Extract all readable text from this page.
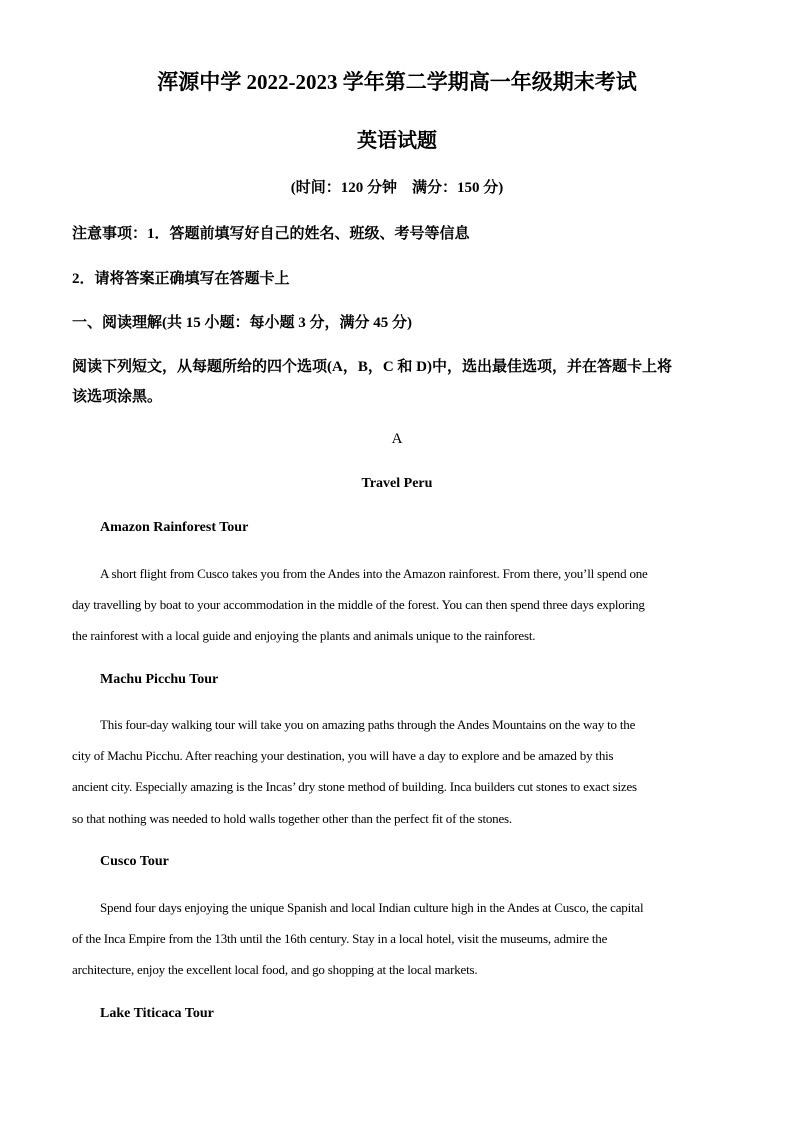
浑源中学 2022-2023 学年第二学期高一年级期末考试
英语试题
(时间：120 分钟　满分：150 分)
注意事项：1．答题前填写好自己的姓名、班级、考号等信息
2．请将答案正确填写在答题卡上
一、阅读理解(共 15 小题：每小题 3 分，满分 45 分)
阅读下列短文，从每题所给的四个选项(A，B，C 和 D)中，选出最佳选项，并在答题卡上将
该选项涂黑。
A
Travel Peru
Amazon Rainforest Tour
A short flight from Cusco takes you from the Andes into the Amazon rainforest. From there, you’ll spend one
day travelling by boat to your accommodation in the middle of the forest. You can then spend three days exploring
the rainforest with a local guide and enjoying the plants and animals unique to the rainforest.
Machu Picchu Tour
This four-day walking tour will take you on amazing paths through the Andes Mountains on the way to the
city of Machu Picchu. After reaching your destination, you will have a day to explore and be amazed by this
ancient city. Especially amazing is the Incas’ dry stone method of building. Inca builders cut stones to exact sizes
so that nothing was needed to hold walls together other than the perfect fit of the stones.
Cusco Tour
Spend four days enjoying the unique Spanish and local Indian culture high in the Andes at Cusco, the capital
of the Inca Empire from the 13th until the 16th century. Stay in a local hotel, visit the museums, admire the
architecture, enjoy the excellent local food, and go shopping at the local markets.
Lake Titicaca Tour
